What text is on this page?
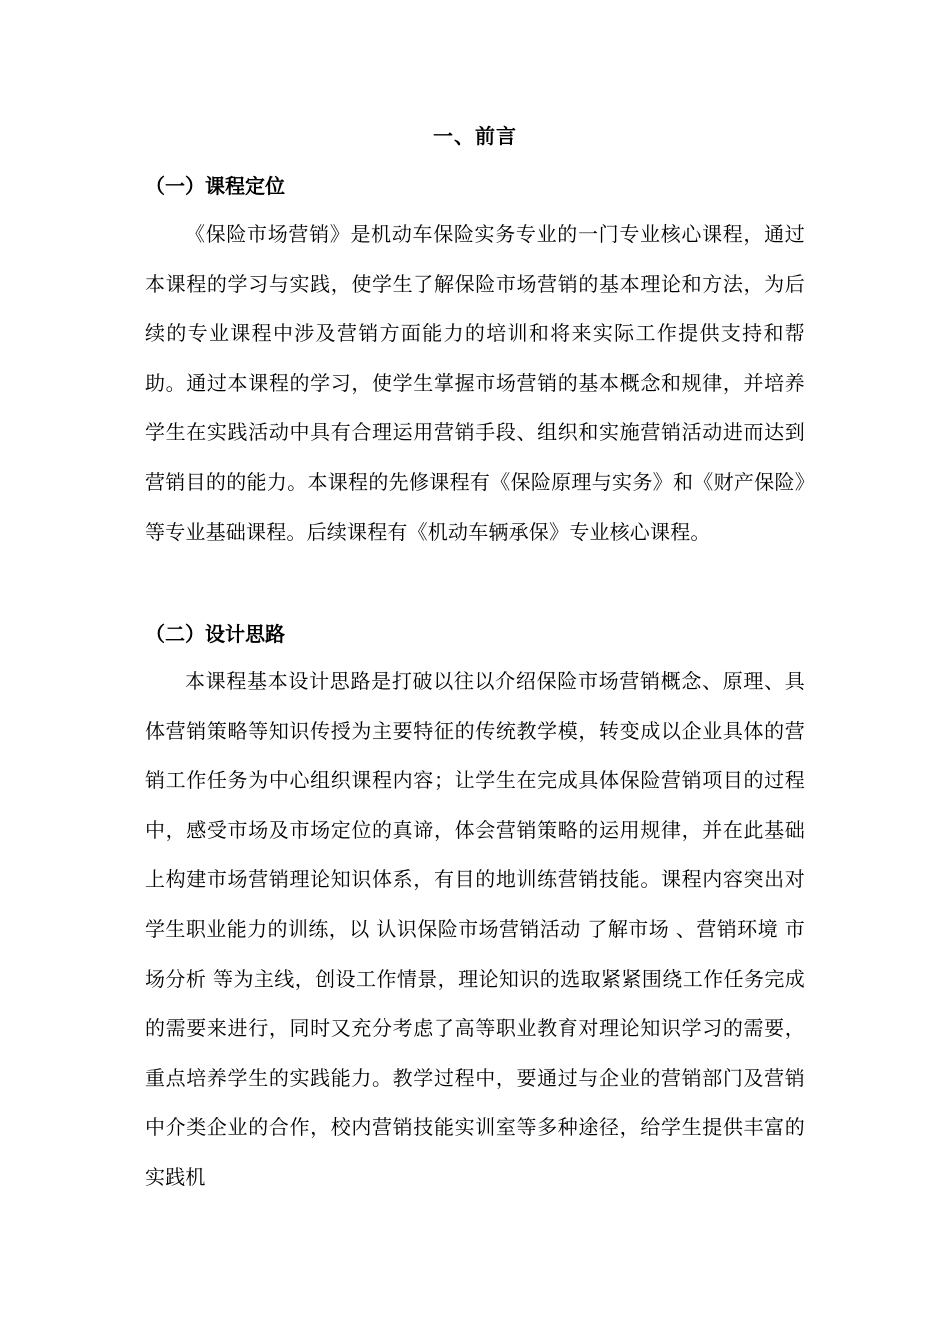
一、前言
（一）课程定位

《保险市场营销》是机动车保险实务专业的一门专业核心课程，通过本课程的学习与实践，使学生了解保险市场营销的基本理论和方法，为后续的专业课程中涉及营销方面能力的培训和将来实际工作提供支持和帮助。通过本课程的学习，使学生掌握市场营销的基本概念和规律，并培养学生在实践活动中具有合理运用营销手段、组织和实施营销活动进而达到营销目的的能力。本课程的先修课程有《保险原理与实务》和《财产保险》等专业基础课程。后续课程有《机动车辆承保》专业核心课程。

（二）设计思路

本课程基本设计思路是打破以往以介绍保险市场营销概念、原理、具体营销策略等知识传授为主要特征的传统教学模，转变成以企业具体的营销工作任务为中心组织课程内容；让学生在完成具体保险营销项目的过程中，感受市场及市场定位的真谛，体会营销策略的运用规律，并在此基础上构建市场营销理论知识体系，有目的地训练营销技能。课程内容突出对学生职业能力的训练，以 认识保险市场营销活动 了解市场 、营销环境 市场分析 等为主线，创设工作情景，理论知识的选取紧紧围绕工作任务完成的需要来进行，同时又充分考虑了高等职业教育对理论知识学习的需要，重点培养学生的实践能力。教学过程中，要通过与企业的营销部门及营销中介类企业的合作，校内营销技能实训室等多种途径，给学生提供丰富的实践机
